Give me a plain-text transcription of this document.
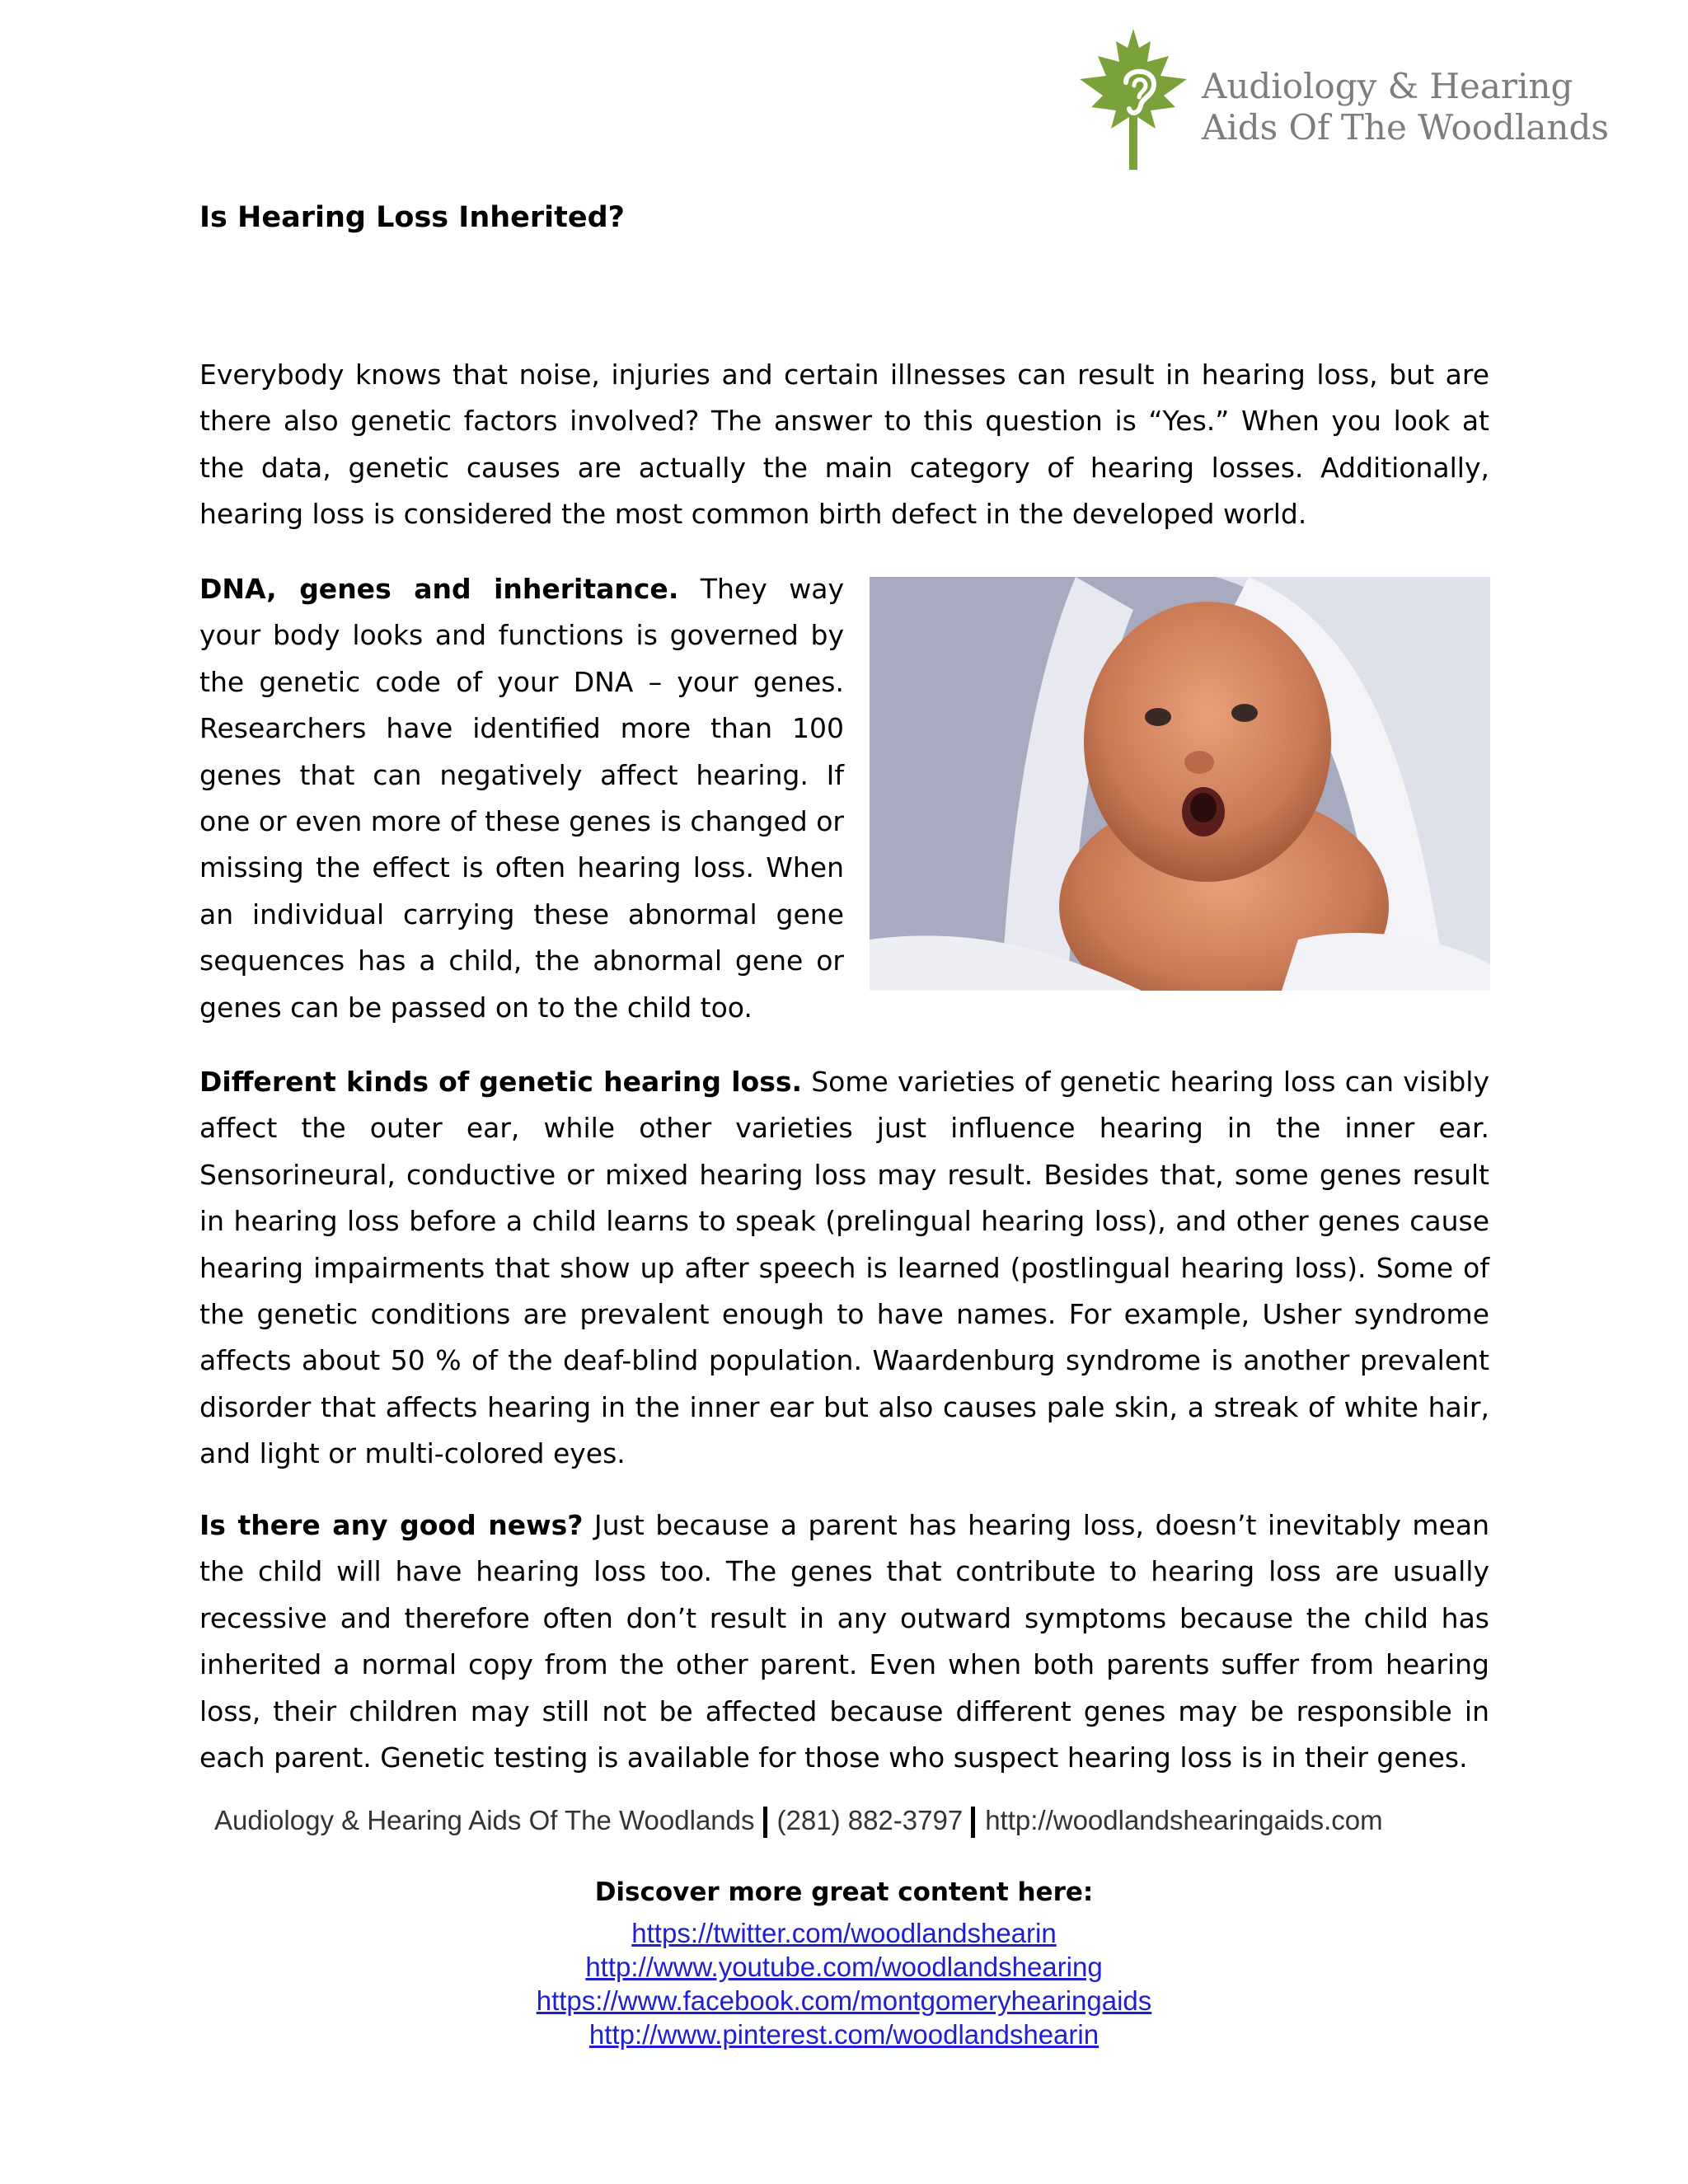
Audiology & Hearing
Aids Of The Woodlands
Is Hearing Loss Inherited?

Everybody knows that noise, injuries and certain illnesses can result in hearing loss, but are there also genetic factors involved? The answer to this question is “Yes.” When you look at the data, genetic causes are actually the main category of hearing losses. Additionally, hearing loss is considered the most common birth defect in the developed world.

DNA, genes and inheritance. They way your body looks and functions is governed by the genetic code of your DNA – your genes. Researchers have identified more than 100 genes that can negatively affect hearing. If one or even more of these genes is changed or missing the effect is often hearing loss. When an individual carrying these abnormal gene sequences has a child, the abnormal gene or genes can be passed on to the child too.

Different kinds of genetic hearing loss. Some varieties of genetic hearing loss can visibly affect the outer ear, while other varieties just influence hearing in the inner ear. Sensorineural, conductive or mixed hearing loss may result. Besides that, some genes result in hearing loss before a child learns to speak (prelingual hearing loss), and other genes cause hearing impairments that show up after speech is learned (postlingual hearing loss). Some of the genetic conditions are prevalent enough to have names. For example, Usher syndrome affects about 50 % of the deaf-blind population. Waardenburg syndrome is another prevalent disorder that affects hearing in the inner ear but also causes pale skin, a streak of white hair, and light or multi-colored eyes.

Is there any good news? Just because a parent has hearing loss, doesn’t inevitably mean the child will have hearing loss too. The genes that contribute to hearing loss are usually recessive and therefore often don’t result in any outward symptoms because the child has inherited a normal copy from the other parent. Even when both parents suffer from hearing loss, their children may still not be affected because different genes may be responsible in each parent. Genetic testing is available for those who suspect hearing loss is in their genes.

Audiology & Hearing Aids Of The Woodlands (281) 882-3797 http://woodlandshearingaids.com
Discover more great content here:
https://twitter.com/woodlandshearin
http://www.youtube.com/woodlandshearing
https://www.facebook.com/montgomeryhearingaids
http://www.pinterest.com/woodlandshearin
